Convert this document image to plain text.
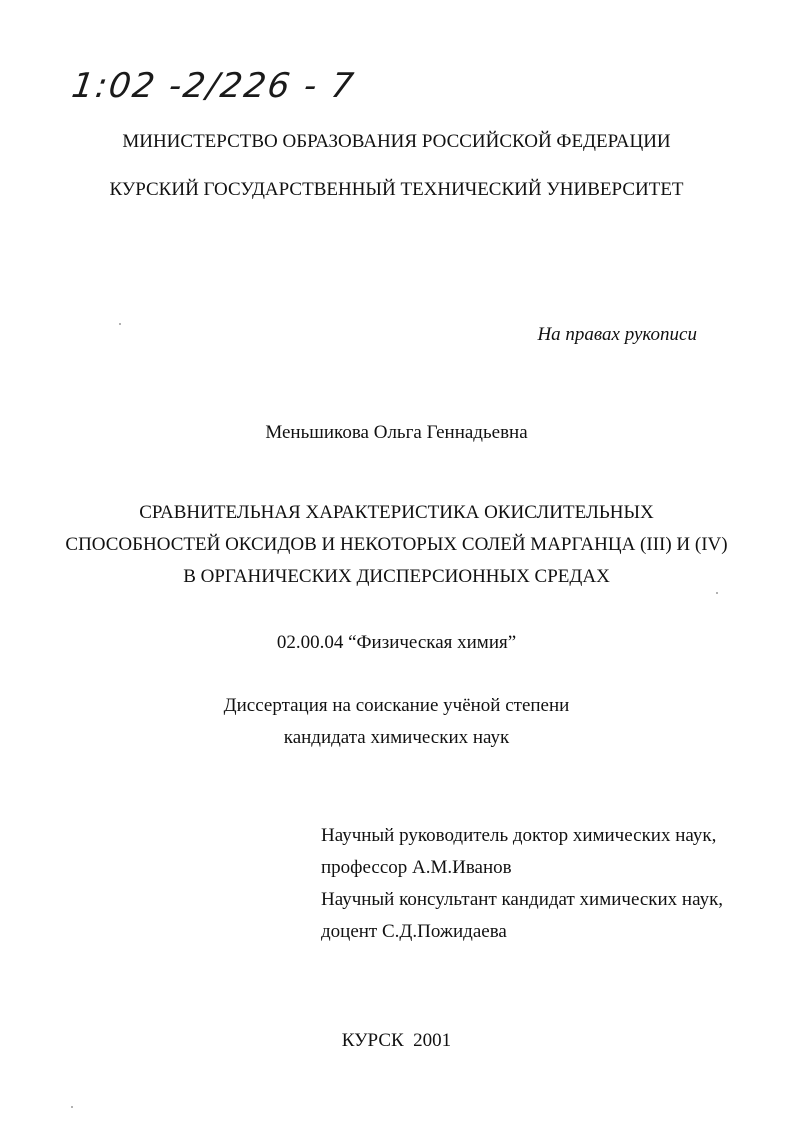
1:02 -2/226 - 7
МИНИСТЕРСТВО ОБРАЗОВАНИЯ РОССИЙСКОЙ ФЕДЕРАЦИИ
КУРСКИЙ ГОСУДАРСТВЕННЫЙ ТЕХНИЧЕСКИЙ УНИВЕРСИТЕТ
На правах рукописи
Меньшикова Ольга Геннадьевна
СРАВНИТЕЛЬНАЯ ХАРАКТЕРИСТИКА ОКИСЛИТЕЛЬНЫХ
СПОСОБНОСТЕЙ ОКСИДОВ И НЕКОТОРЫХ СОЛЕЙ МАРГАНЦА (III) И (IV)
В ОРГАНИЧЕСКИХ ДИСПЕРСИОННЫХ СРЕДАХ
02.00.04 “Физическая химия”
Диссертация на соискание учёной степени
кандидата химических наук
Научный руководитель доктор химических наук,
профессор А.М.Иванов
Научный консультант кандидат химических наук,
доцент С.Д.Пожидаева
КУРСК  2001
